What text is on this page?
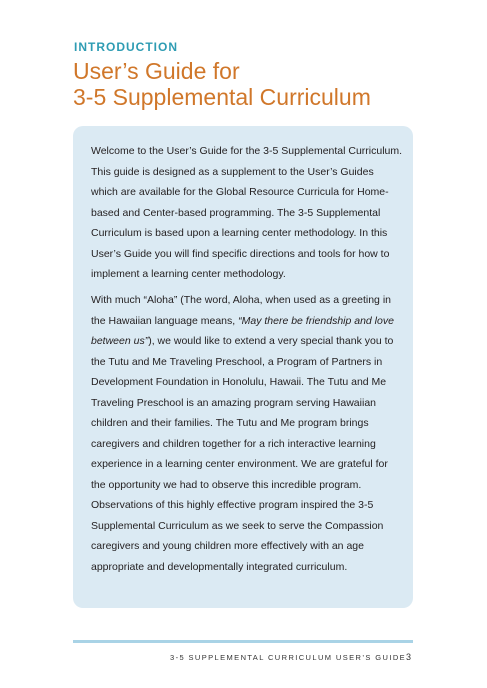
INTRODUCTION
User’s Guide for
3-5 Supplemental Curriculum

Welcome to the User’s Guide for the 3-5 Supplemental Curriculum. This guide is designed as a supplement to the User’s Guides which are available for the Global Resource Curricula for Home-based and Center-based programming. The 3-5 Supplemental Curriculum is based upon a learning center methodology. In this User’s Guide you will find specific directions and tools for how to implement a learning center methodology.

With much “Aloha” (The word, Aloha, when used as a greeting in the Hawaiian language means, “May there be friendship and love between us”), we would like to extend a very special thank you to the Tutu and Me Traveling Preschool, a Program of Partners in Development Foundation in Honolulu, Hawaii. The Tutu and Me Traveling Preschool is an amazing program serving Hawaiian children and their families. The Tutu and Me program brings caregivers and children together for a rich interactive learning experience in a learning center environment. We are grateful for the opportunity we had to observe this incredible program. Observations of this highly effective program inspired the 3-5 Supplemental Curriculum as we seek to serve the Compassion caregivers and young children more effectively with an age appropriate and developmentally integrated curriculum.

3-5 SUPPLEMENTAL CURRICULUM USER’S GUIDE 3
